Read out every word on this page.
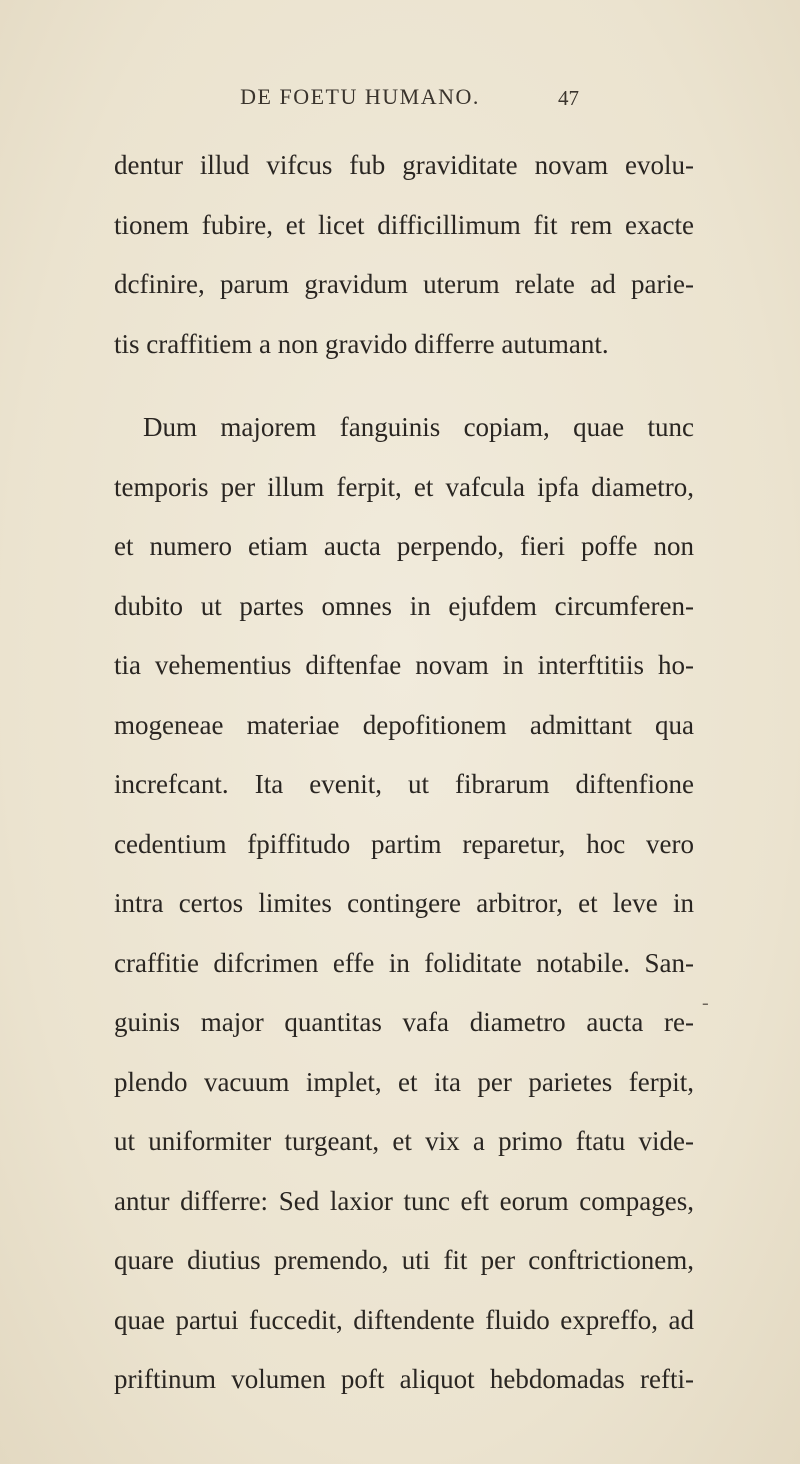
DE FOETU HUMANO.	47
dentur illud vifcus fub graviditate novam evolu-
tionem fubire, et licet difficillimum fit rem exacte
dcfinire, parum gravidum uterum relate ad parie-
tis craffitiem a non gravido differre autumant.
Dum majorem fanguinis copiam, quae tunc
temporis per illum ferpit, et vafcula ipfa diametro,
et numero etiam aucta perpendo, fieri poffe non
dubito ut partes omnes in ejufdem circumferen-
tia vehementius diftenfae novam in interftitiis ho-
mogeneae materiae depofitionem admittant qua
increfcant. Ita evenit, ut fibrarum diftenfione
cedentium fpiffitudo partim reparetur, hoc vero
intra certos limites contingere arbitror, et leve in
craffitie difcrimen effe in foliditate notabile. San-
guinis major quantitas vafa diametro aucta re-
plendo vacuum implet, et ita per parietes ferpit,
ut uniformiter turgeant, et vix a primo ftatu vide-
antur differre: Sed laxior tunc eft eorum compages,
quare diutius premendo, uti fit per conftrictionem,
quae partui fuccedit, diftendente fluido expreffo, ad
priftinum volumen poft aliquot hebdomadas refti-
-
